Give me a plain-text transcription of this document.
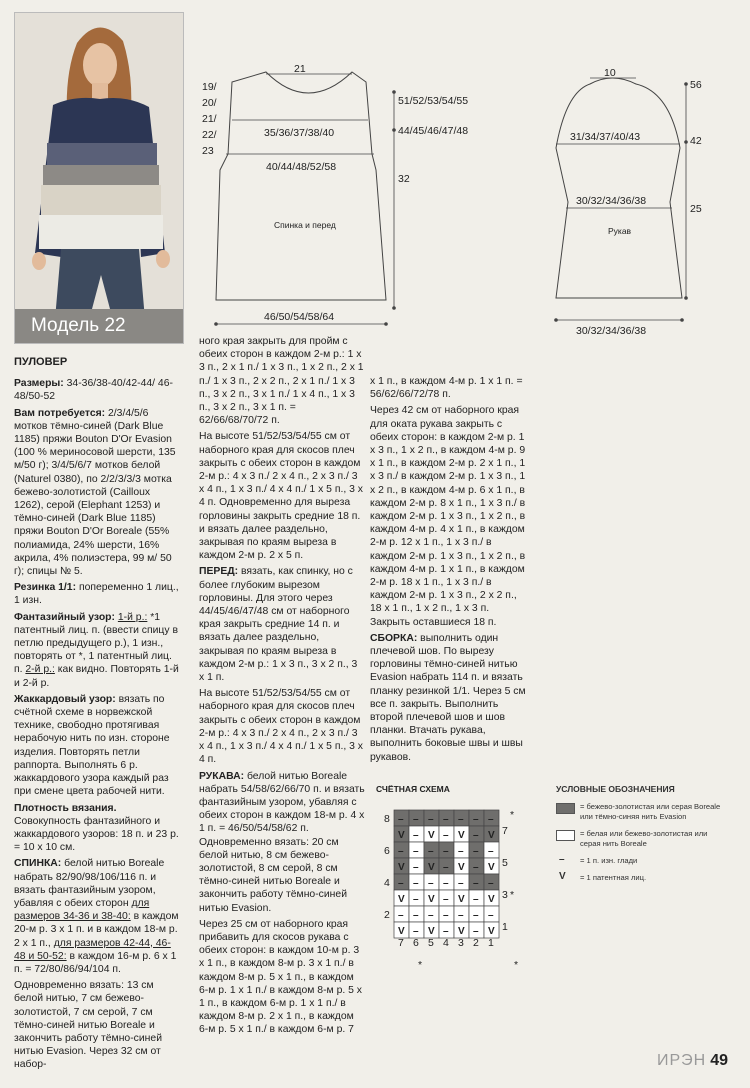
Модель 22
21
19/
20/
21/
22/
23
35/36/37/38/40
40/44/48/52/58
Спинка и перед
46/50/54/58/64
51/52/53/54/55
44/45/46/47/48
32
10
31/34/37/40/43
30/32/34/36/38
Рукав
30/32/34/36/38
56
42
25

ПУЛОВЕР

Размеры: 34-36/38-40/42-44/ 46-48/50-52

Вам потребуется: 2/3/4/5/6 мотков тёмно-синей (Dark Blue 1185) пряжи Bouton D'Or Evasion (100 % мериносовой шерсти, 135 м/50 г); 3/4/5/6/7 мотков белой (Naturel 0380), по 2/2/3/3/3 мотка бежево-золотистой (Cailloux 1262), серой (Elephant 1253) и тёмно-синей (Dark Blue 1185) пряжи Bouton D'Or Boreale (55% полиамида, 24% шерсти, 16% акрила, 4% полиэстера, 99 м/ 50 г); спицы № 5.

Резинка 1/1: попеременно 1 лиц., 1 изн.

Фантазийный узор: 1-й р.: *1 патентный лиц. п. (ввести спицу в петлю предыдущего р.), 1 изн., повторять от *, 1 патентный лиц. п. 2-й р.: как видно. Повторять 1-й и 2-й р.

Жаккардовый узор: вязать по счётной схеме в норвежской технике, свободно протягивая нерабочую нить по изн. стороне изделия. Повторять петли раппорта. Выполнять 6 р. жаккардового узора каждый раз при смене цвета рабочей нити.

Плотность вязания. Совокупность фантазийного и жаккардового узоров: 18 п. и 23 р. = 10 х 10 см.

СПИНКА: белой нитью Boreale набрать 82/90/98/106/116 п. и вязать фантазийным узором, убавляя с обеих сторон для размеров 34-36 и 38-40: в каждом 20-м р. 3 х 1 п. и в каждом 18-м р. 2 х 1 п., для размеров 42-44, 46-48 и 50-52: в каждом 16-м р. 6 х 1 п. = 72/80/86/94/104 п.

Одновременно вязать: 13 см белой нитью, 7 см бежево-золотистой, 7 см серой, 7 см тёмно-синей нитью Boreale и закончить работу тёмно-синей нитью Evasion. Через 32 см от набор-

ного края закрыть для пройм с обеих сторон в каждом 2-м р.: 1 х 3 п., 2 х 1 п./ 1 х 3 п., 1 х 2 п., 2 х 1 п./ 1 х 3 п., 2 х 2 п., 2 х 1 п./ 1 х 3 п., 3 х 2 п., 3 х 1 п./ 1 х 4 п., 1 х 3 п., 3 х 2 п., 3 х 1 п. = 62/66/68/70/72 п.

На высоте 51/52/53/54/55 см от наборного края для скосов плеч закрыть с обеих сторон в каждом 2-м р.: 4 х 3 п./ 2 х 4 п., 2 х 3 п./ 3 х 4 п., 1 х 3 п./ 4 х 4 п./ 1 х 5 п., 3 х 4 п. Одновременно для выреза горловины закрыть средние 18 п. и вязать далее раздельно, закрывая по краям выреза в каждом 2-м р. 2 х 5 п.

ПЕРЕД: вязать, как спинку, но с более глубоким вырезом горловины. Для этого через 44/45/46/47/48 см от наборного края закрыть средние 14 п. и вязать далее раздельно, закрывая по краям выреза в каждом 2-м р.: 1 х 3 п., 3 х 2 п., 3 х 1 п.

На высоте 51/52/53/54/55 см от наборного края для скосов плеч закрыть с обеих сторон в каждом 2-м р.: 4 х 3 п./ 2 х 4 п., 2 х 3 п./ 3 х 4 п., 1 х 3 п./ 4 х 4 п./ 1 х 5 п., 3 х 4 п.

РУКАВА: белой нитью Boreale набрать 54/58/62/66/70 п. и вязать фантазийным узором, убавляя с обеих сторон в каждом 18-м р. 4 х 1 п. = 46/50/54/58/62 п. Одновременно вязать: 20 см белой нитью, 8 см бежево-золотистой, 8 см серой, 8 см тёмно-синей нитью Boreale и закончить работу тёмно-синей нитью Evasion.

Через 25 см от наборного края прибавить для скосов рукава с обеих сторон: в каждом 10-м р. 3 х 1 п., в каждом 8-м р. 3 х 1 п./ в каждом 8-м р. 5 х 1 п., в каждом 6-м р. 1 х 1 п./ в каждом 8-м р. 5 х 1 п., в каждом 6-м р. 1 х 1 п./ в каждом 8-м р. 2 х 1 п., в каждом 6-м р. 5 х 1 п./ в каждом 6-м р. 7

х 1 п., в каждом 4-м р. 1 х 1 п. = 56/62/66/72/78 п.

Через 42 см от наборного края для оката рукава закрыть с обеих сторон: в каждом 2-м р. 1 х 3 п., 1 х 2 п., в каждом 4-м р. 9 х 1 п., в каждом 2-м р. 2 х 1 п., 1 х 3 п./ в каждом 2-м р. 1 х 3 п., 1 х 2 п., в каждом 4-м р. 6 х 1 п., в каждом 2-м р. 8 х 1 п., 1 х 3 п./ в каждом 2-м р. 1 х 3 п., 1 х 2 п., в каждом 4-м р. 4 х 1 п., в каждом 2-м р. 12 х 1 п., 1 х 3 п./ в каждом 2-м р. 1 х 3 п., 1 х 2 п., в каждом 4-м р. 1 х 1 п., в каждом 2-м р. 18 х 1 п., 1 х 3 п./ в каждом 2-м р. 1 х 3 п., 2 х 2 п., 18 х 1 п., 1 х 2 п., 1 х 3 п. Закрыть оставшиеся 18 п.

СБОРКА: выполнить один плечевой шов. По вырезу горловины тёмно-синей нитью Evasion набрать 114 п. и вязать планку резинкой 1/1. Через 5 см все п. закрыть. Выполнить второй плечевой шов и шов планки. Втачать рукава, выполнить боковые швы и швы рукавов.

СЧЁТНАЯ СХЕМА
– – – – – – –
V – V – V – V
– – – – – – –
V – V – V – V
– – – – – – –
V – V – V – V
– – – – – – –
V – V – V – V
8
6
4
2
7
5
3
1
7 6 5 4 3 2 1
*
*
*	*
УСЛОВНЫЕ ОБОЗНАЧЕНИЯ
= бежево-золотистая или серая Boreale или тёмно-синяя нить Evasion
= белая или бежево-золотистая или серая нить Boreale
– = 1 п. изн. глади
V = 1 патентная лиц.
ИРЭН 49
